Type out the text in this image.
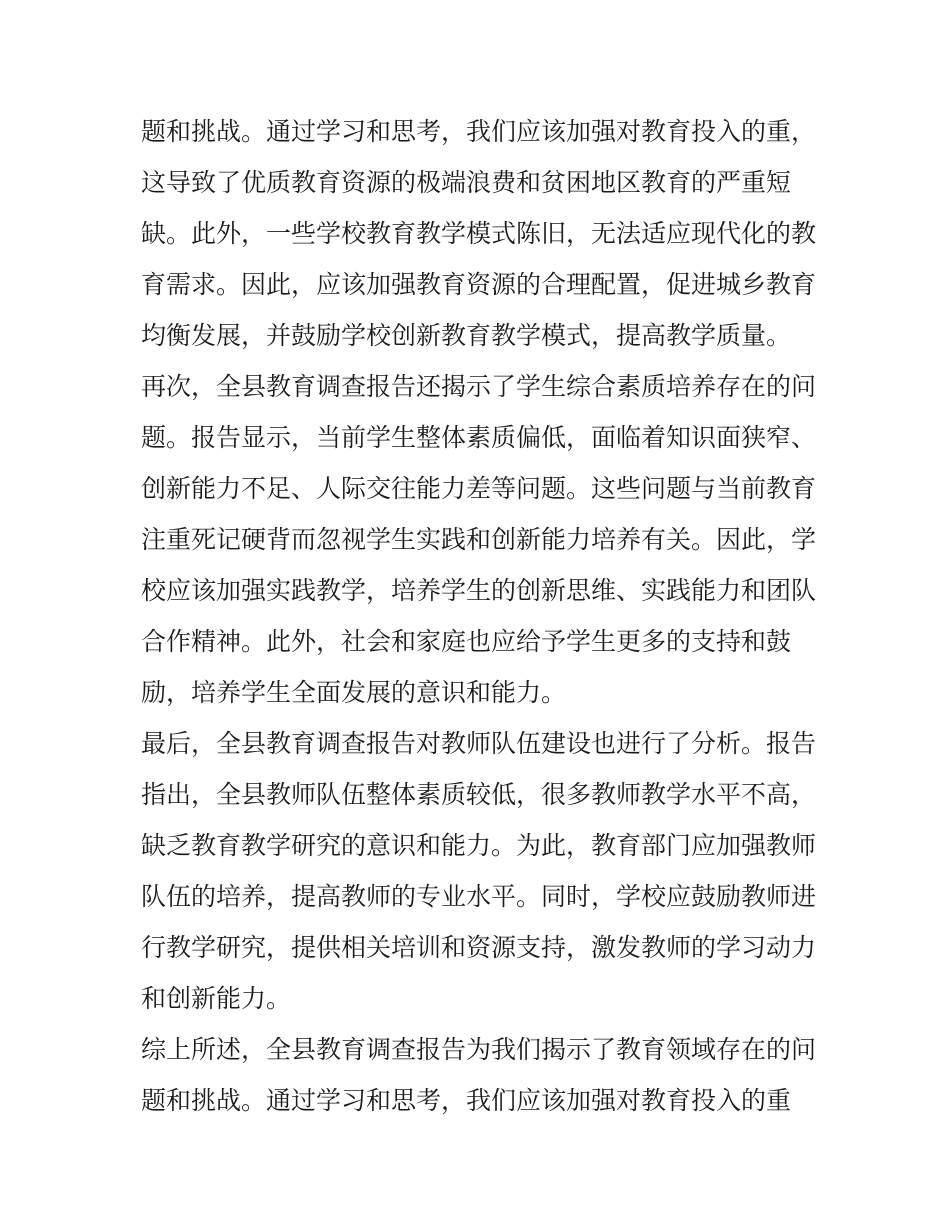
题和挑战。通过学习和思考，我们应该加强对教育投入的重，
这导致了优质教育资源的极端浪费和贫困地区教育的严重短
缺。此外，一些学校教育教学模式陈旧，无法适应现代化的教
育需求。因此，应该加强教育资源的合理配置，促进城乡教育
均衡发展，并鼓励学校创新教育教学模式，提高教学质量。
再次，全县教育调查报告还揭示了学生综合素质培养存在的问
题。报告显示，当前学生整体素质偏低，面临着知识面狭窄、
创新能力不足、人际交往能力差等问题。这些问题与当前教育
注重死记硬背而忽视学生实践和创新能力培养有关。因此，学
校应该加强实践教学，培养学生的创新思维、实践能力和团队
合作精神。此外，社会和家庭也应给予学生更多的支持和鼓
励，培养学生全面发展的意识和能力。
最后，全县教育调查报告对教师队伍建设也进行了分析。报告
指出，全县教师队伍整体素质较低，很多教师教学水平不高，
缺乏教育教学研究的意识和能力。为此，教育部门应加强教师
队伍的培养，提高教师的专业水平。同时，学校应鼓励教师进
行教学研究，提供相关培训和资源支持，激发教师的学习动力
和创新能力。
综上所述，全县教育调查报告为我们揭示了教育领域存在的问
题和挑战。通过学习和思考，我们应该加强对教育投入的重
